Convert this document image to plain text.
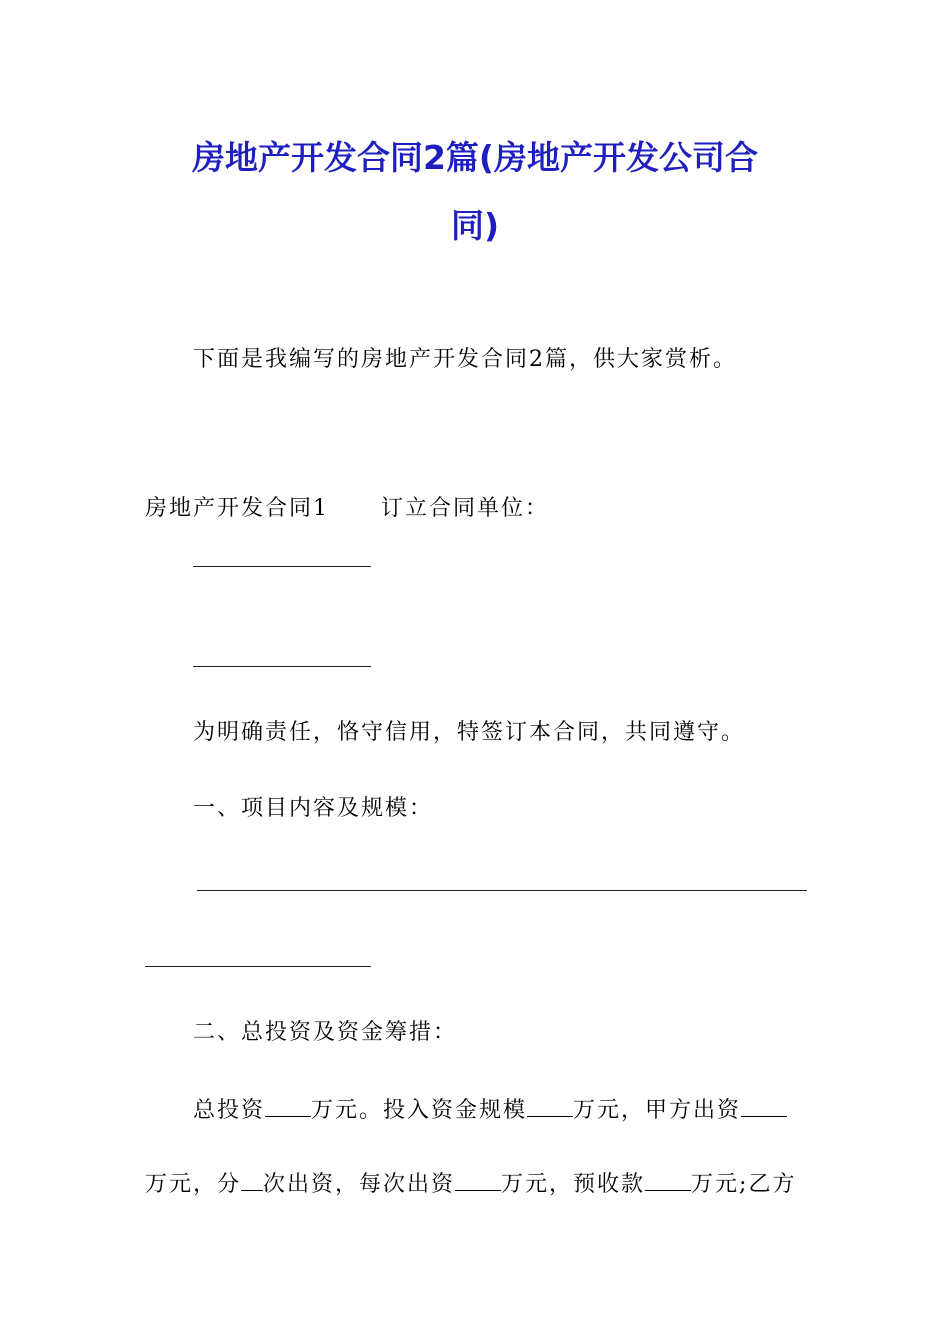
房地产开发合同2篇(房地产开发公司合
同)

下面是我编写的房地产开发合同2篇，供大家赏析。

房地产开发合同1 订立合同单位：

为明确责任，恪守信用，特签订本合同，共同遵守。

一、项目内容及规模：

二、总投资及资金筹措：

总投资 万元。投入资金规模 万元，甲方出资

万元，分 次出资，每次出资 万元，预收款 万元;乙方
